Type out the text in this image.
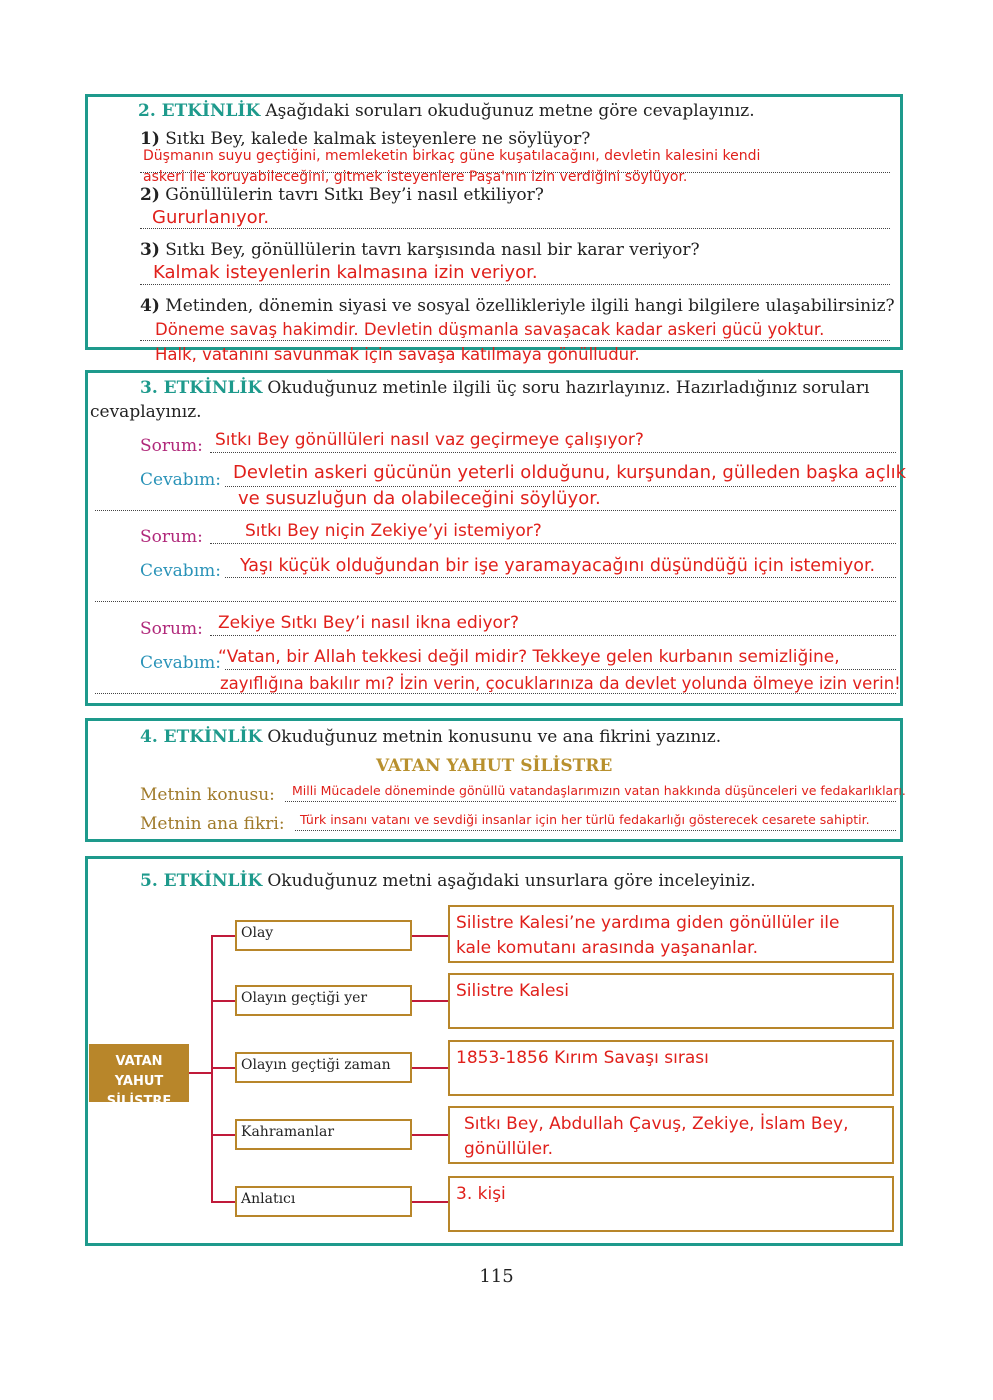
2. ETKİNLİK Aşağıdaki soruları okuduğunuz metne göre cevaplayınız.
1) Sıtkı Bey, kalede kalmak isteyenlere ne söylüyor?
Düşmanın suyu geçtiğini, memleketin birkaç güne kuşatılacağını, devletin kalesini kendi
askeri ile koruyabileceğini, gitmek isteyenlere Paşa'nın izin verdiğini söylüyor.
2) Gönüllülerin tavrı Sıtkı Bey’i nasıl etkiliyor?
Gururlanıyor.
3) Sıtkı Bey, gönüllülerin tavrı karşısında nasıl bir karar veriyor?
Kalmak isteyenlerin kalmasına izin veriyor.
4) Metinden, dönemin siyasi ve sosyal özellikleriyle ilgili hangi bilgilere ulaşabilirsiniz?
Döneme savaş hakimdir. Devletin düşmanla savaşacak kadar askeri gücü yoktur.
Halk, vatanını savunmak için savaşa katılmaya gönülludur.
3. ETKİNLİK Okuduğunuz metinle ilgili üç soru hazırlayınız. Hazırladığınız soruları
cevaplayınız.
Sorum: Sıtkı Bey gönüllüleri nasıl vaz geçirmeye çalışıyor?
Cevabım: Devletin askeri gücünün yeterli olduğunu, kurşundan, gülleden başka açlık
ve susuzluğun da olabileceğini söylüyor.
Sorum: Sıtkı Bey niçin Zekiye’yi istemiyor?
Cevabım: Yaşı küçük olduğundan bir işe yaramayacağını düşündüğü için istemiyor.
Sorum: Zekiye Sıtkı Bey’i nasıl ikna ediyor?
Cevabım:
“Vatan, bir Allah tekkesi değil midir? Tekkeye gelen kurbanın semizliğine,
zayıflığına bakılır mı? İzin verin, çocuklarınıza da devlet yolunda ölmeye izin verin!
4. ETKİNLİK Okuduğunuz metnin konusunu ve ana fikrini yazınız.
VATAN YAHUT SİLİSTRE
Metnin konusu: Milli Mücadele döneminde gönüllü vatandaşlarımızın vatan hakkında düşünceleri ve fedakarlıkları.
Metnin ana fikri: Türk insanı vatanı ve sevdiği insanlar için her türlü fedakarlığı gösterecek cesarete sahiptir.
5. ETKİNLİK Okuduğunuz metni aşağıdaki unsurlara göre inceleyiniz.
VATAN YAHUT
SİLİSTRE
Olay
Olayın geçtiği yer
Olayın geçtiği zaman
Kahramanlar
Anlatıcı
Silistre Kalesi’ne yardıma giden gönüllüler ile
kale komutanı arasında yaşananlar.
Silistre Kalesi
1853-1856 Kırım Savaşı sırası
Sıtkı Bey, Abdullah Çavuş, Zekiye, İslam Bey,
gönüllüler.
3. kişi
115
